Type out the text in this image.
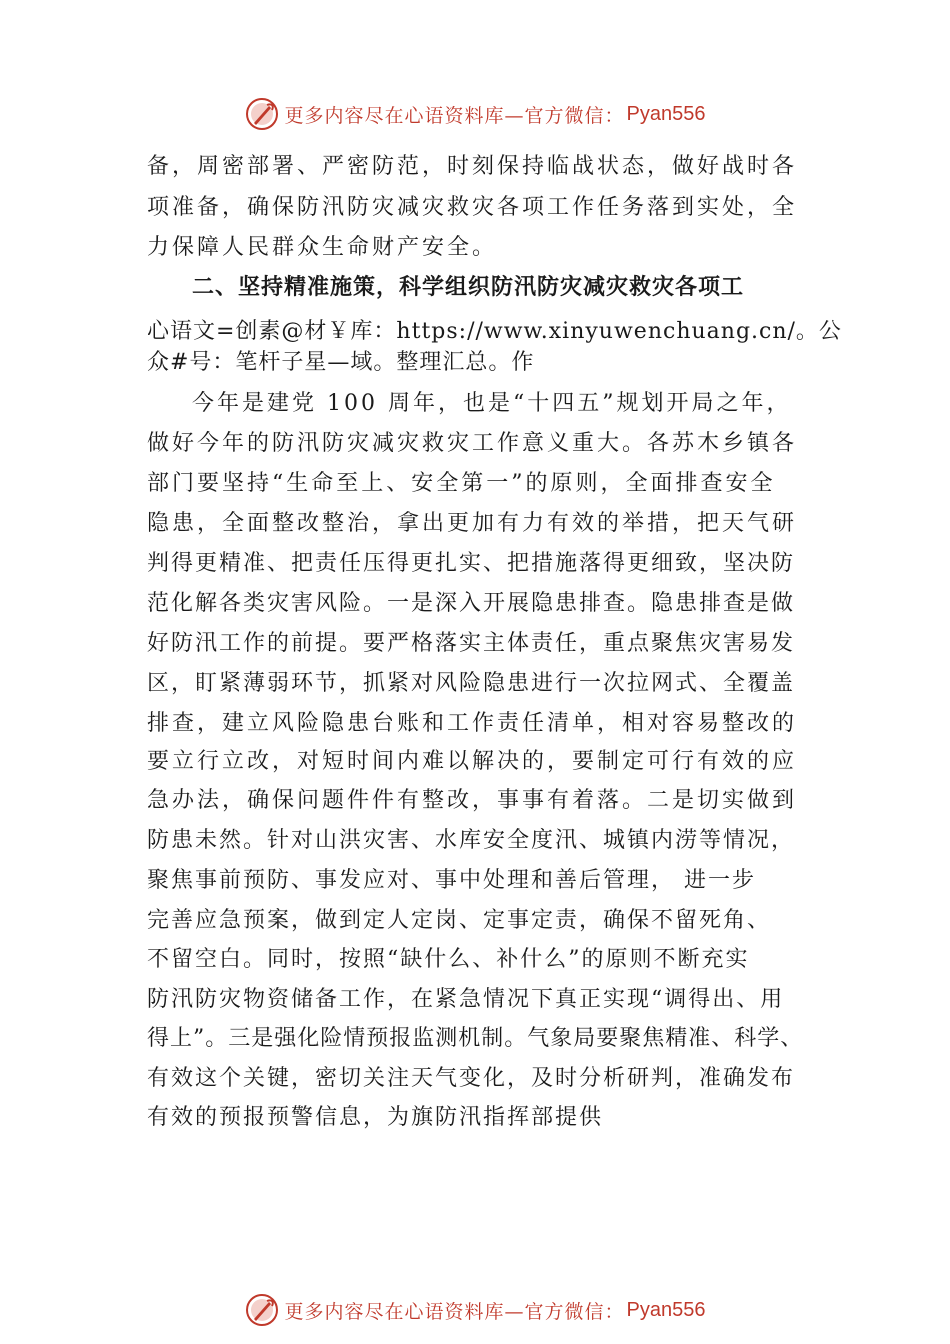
更多内容尽在心语资料库—官方微信： Pyan556
备，周密部署、严密防范，时刻保持临战状态，做好战时各
项准备，确保防汛防灾减灾救灾各项工作任务落到实处，全
力保障人民群众生命财产安全。
二、坚持精准施策，科学组织防汛防灾减灾救灾各项工
心语文=创素@材￥库：https://www.xinyuwenchuang.cn/。公
众#号：笔杆子星—域。整理汇总。作
今年是建党 100 周年，也是“十四五”规划开局之年，
做好今年的防汛防灾减灾救灾工作意义重大。各苏木乡镇各
部门要坚持“生命至上、安全第一”的原则，全面排查安全
隐患，全面整改整治，拿出更加有力有效的举措，把天气研
判得更精准、把责任压得更扎实、把措施落得更细致，坚决防
范化解各类灾害风险。一是深入开展隐患排查。隐患排查是做
好防汛工作的前提。要严格落实主体责任，重点聚焦灾害易发
区，盯紧薄弱环节，抓紧对风险隐患进行一次拉网式、全覆盖
排查，建立风险隐患台账和工作责任清单，相对容易整改的
要立行立改，对短时间内难以解决的，要制定可行有效的应
急办法，确保问题件件有整改，事事有着落。二是切实做到
防患未然。针对山洪灾害、水库安全度汛、城镇内涝等情况，
聚焦事前预防、事发应对、事中处理和善后管理， 进一步
完善应急预案，做到定人定岗、定事定责，确保不留死角、
不留空白。同时，按照“缺什么、补什么”的原则不断充实
防汛防灾物资储备工作，在紧急情况下真正实现“调得出、用
得上”。三是强化险情预报监测机制。气象局要聚焦精准、科学、
有效这个关键，密切关注天气变化，及时分析研判，准确发布
有效的预报预警信息，为旗防汛指挥部提供
更多内容尽在心语资料库—官方微信： Pyan556
